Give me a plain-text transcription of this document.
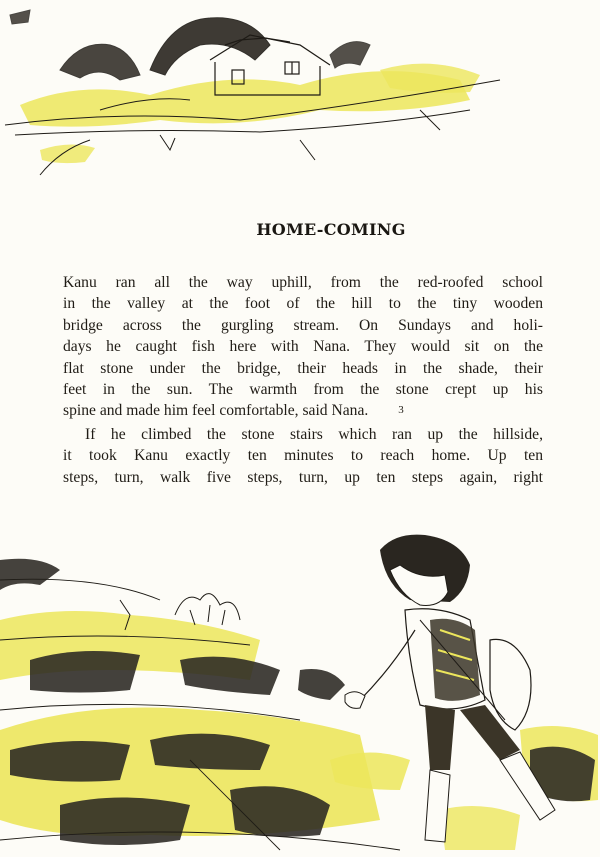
HOME-COMING
Kanu ran all the way uphill, from the red-roofed school
in the valley at the foot of the hill to the tiny wooden
bridge across the gurgling stream. On Sundays and holi-
days he caught fish here with Nana. They would sit on the
flat stone under the bridge, their heads in the shade, their
feet in the sun. The warmth from the stone crept up his
spine and made him feel comfortable, said Nana.	3
If he climbed the stone stairs which ran up the hillside,
it took Kanu exactly ten minutes to reach home. Up ten
steps, turn, walk five steps, turn, up ten steps again, right
